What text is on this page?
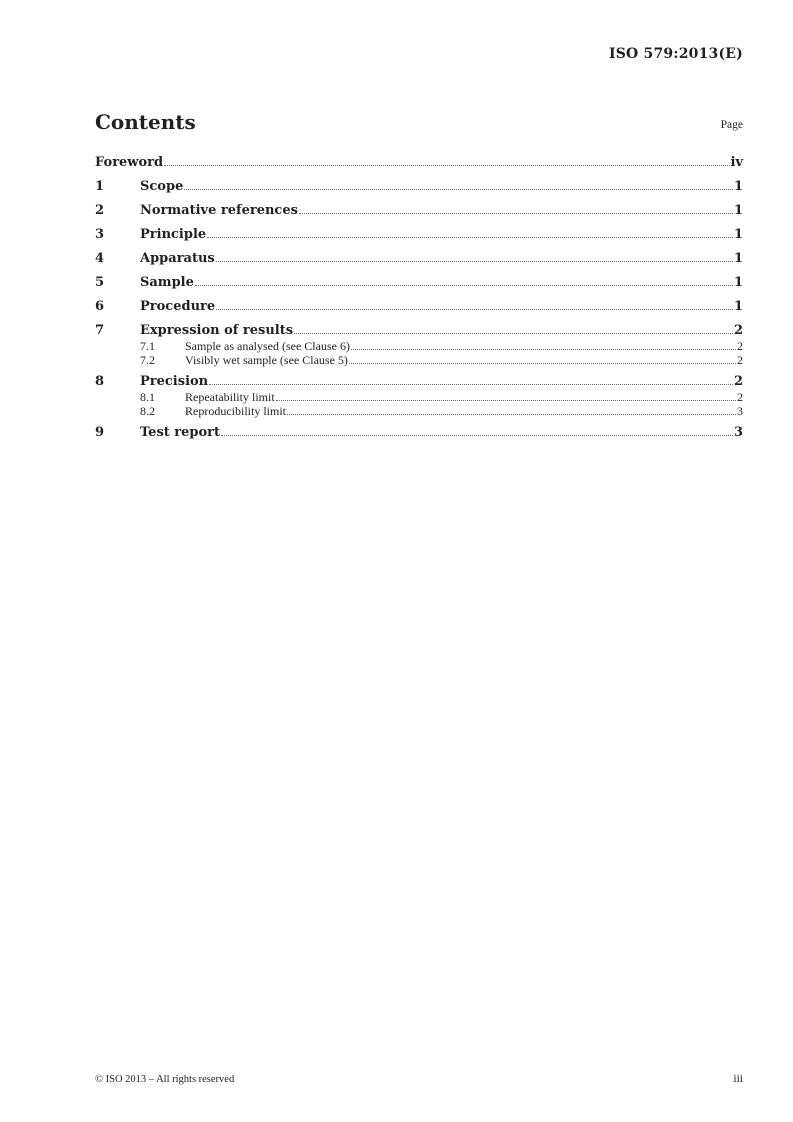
ISO 579:2013(E)
Contents	Page
Foreword	iv
1	Scope	1
2	Normative references	1
3	Principle	1
4	Apparatus	1
5	Sample	1
6	Procedure	1
7	Expression of results	2
7.1	Sample as analysed (see Clause 6)	2
7.2	Visibly wet sample (see Clause 5)	2
8	Precision	2
8.1	Repeatability limit	2
8.2	Reproducibility limit	3
9	Test report	3
© ISO 2013 – All rights reserved	iii
